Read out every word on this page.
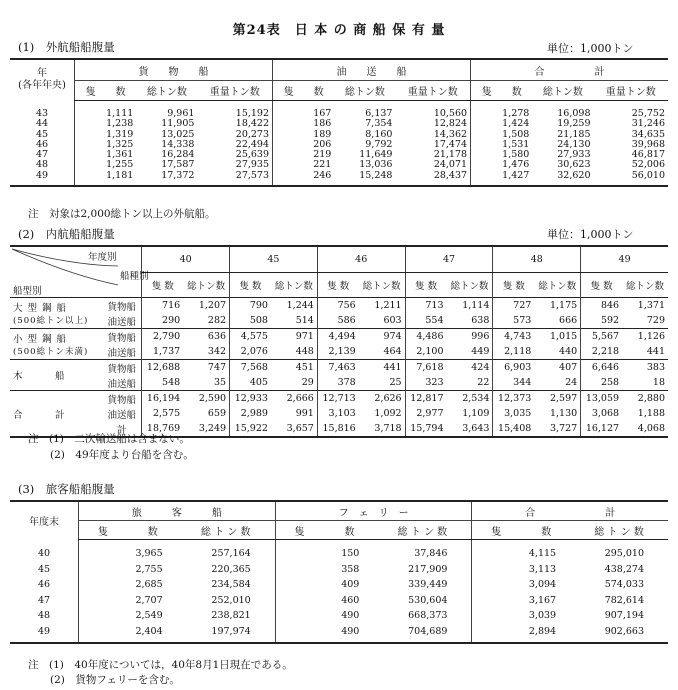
第24表　日 本 の 商 船 保 有 量
(1)　外航船船腹量	単位：1,000トン
年
(各年年央)	貨　　物　　船			油　　送　　船			合　　　　　計		
	隻　　数	総トン数	重量トン数	隻　　数	総トン数	重量トン数	隻　　数	総トン数	重量トン数
43	1,111	9,961	15,192	167	6,137	10,560	1,278	16,098	25,752
44	1,238	11,905	18,422	186	7,354	12,824	1,424	19,259	31,246
45	1,319	13,025	20,273	189	8,160	14,362	1,508	21,185	34,635
46	1,325	14,338	22,494	206	9,792	17,474	1,531	24,130	39,968
47	1,361	16,284	25,639	219	11,649	21,178	1,580	27,933	46,817
48	1,255	17,587	27,935	221	13,036	24,071	1,476	30,623	52,006
49	1,181	17,372	27,573	246	15,248	28,437	1,427	32,620	56,010
注　対象は2,000総トン以上の外航船。
(2)　内航船船腹量	単位：1,000トン
年度別
船種別
船型別		40		45		46		47		48		49	
		隻 数	総トン数	隻 数	総トン数	隻 数	総トン数	隻 数	総トン数	隻 数	総トン数	隻 数	総トン数

大 型 鋼 船
(500総トン以上)	貨物船	716	1,207	790	1,244	756	1,211	713	1,114	727	1,175	846	1,371
	油送船	290	282	508	514	586	603	554	638	573	666	592	729

小 型 鋼 船
(500総トン未満)	貨物船	2,790	636	4,575	971	4,494	974	4,486	996	4,743	1,015	5,567	1,126
	油送船	1,737	342	2,076	448	2,139	464	2,100	449	2,118	440	2,218	441

木　　　船	貨物船	12,688	747	7,568	451	7,463	441	7,618	424	6,903	407	6,646	383
	油送船	548	35	405	29	378	25	323	22	344	24	258	18

合　　　計	貨物船	16,194	2,590	12,933	2,666	12,713	2,626	12,817	2,534	12,373	2,597	13,059	2,880
	油送船	2,575	659	2,989	991	3,103	1,092	2,977	1,109	3,035	1,130	3,068	1,188
	計	18,769	3,249	15,922	3,657	15,816	3,718	15,794	3,643	15,408	3,727	16,127	4,068
注　(1)　二次輸送船は含まない。
(2)　49年度より台船を含む。
(3)　旅客船船腹量
年度末	旅　　　客　　　船		フ　ェ　リ　ー		合　　　　　　　計	
	隻　　　　数	総 ト ン 数	隻　　　　数	総 ト ン 数	隻　　　　数	総 ト ン 数
40	3,965	257,164	150	37,846	4,115	295,010
45	2,755	220,365	358	217,909	3,113	438,274
46	2,685	234,584	409	339,449	3,094	574,033
47	2,707	252,010	460	530,604	3,167	782,614
48	2,549	238,821	490	668,373	3,039	907,194
49	2,404	197,974	490	704,689	2,894	902,663
注　(1)　40年度については，40年8月1日現在である。
(2)　貨物フェリーを含む。
